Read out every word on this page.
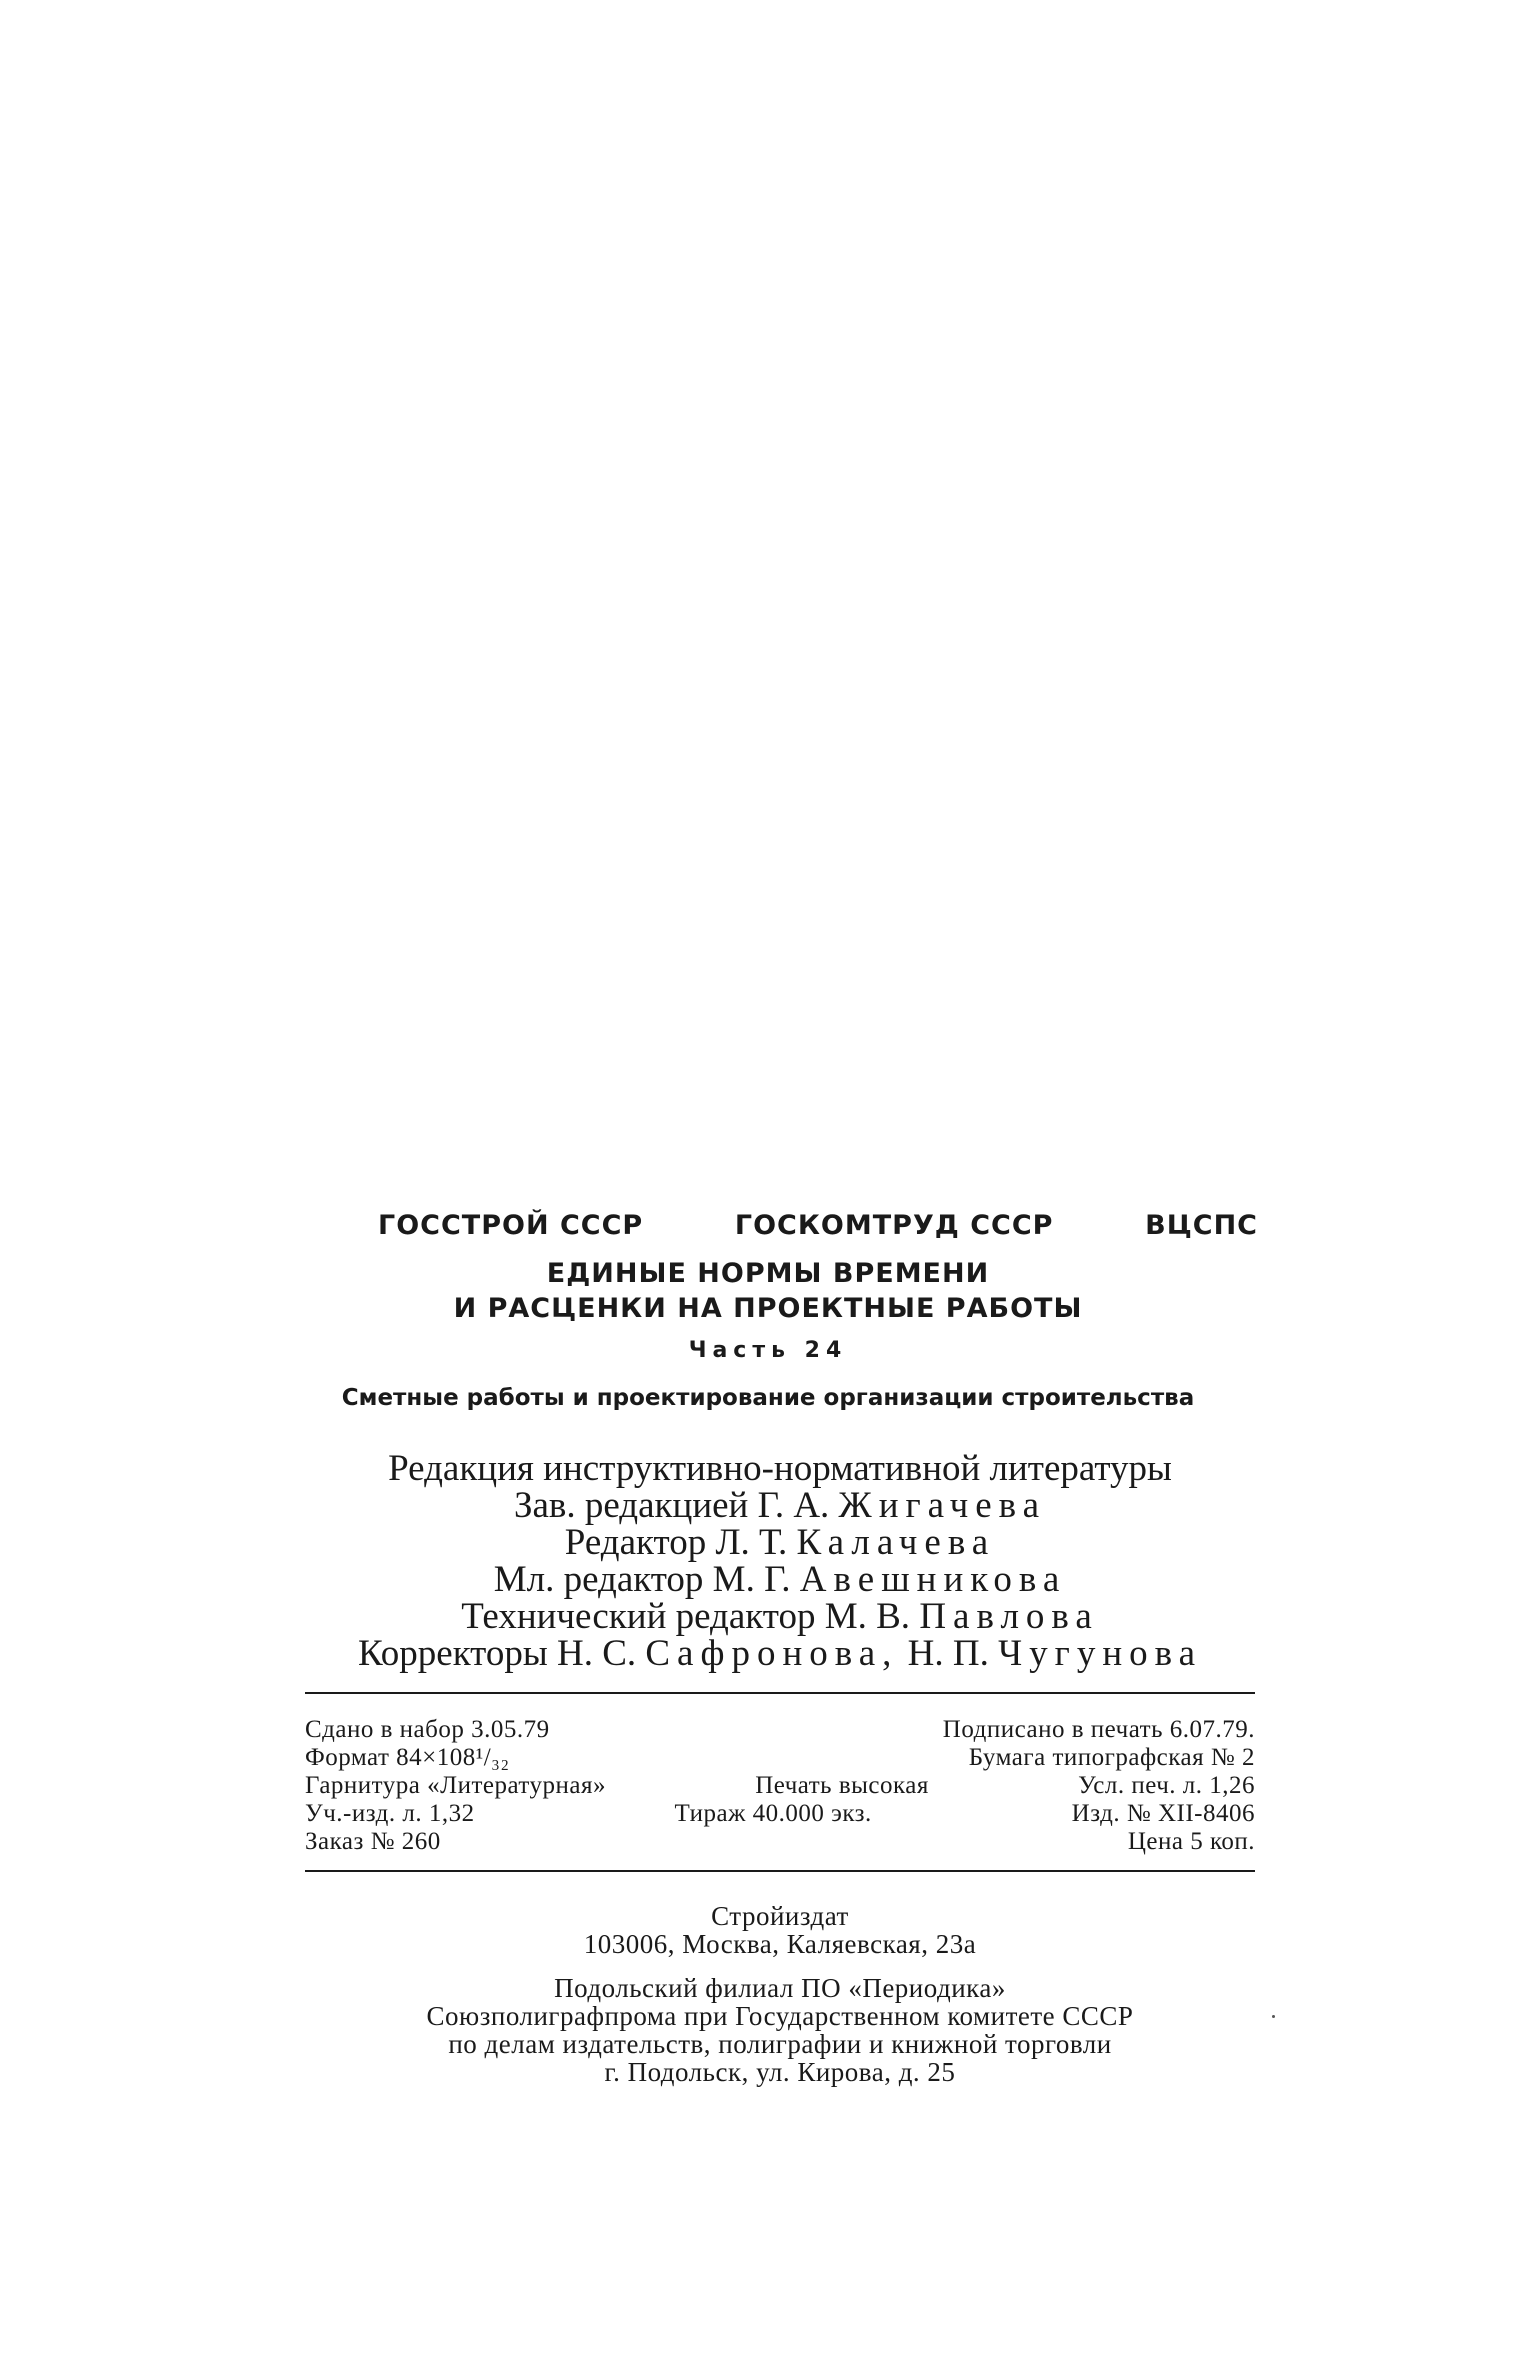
ГОССТРОЙ СССР	ГОСКОМТРУД СССР	ВЦСПС
ЕДИНЫЕ НОРМЫ ВРЕМЕНИ
И РАСЦЕНКИ НА ПРОЕКТНЫЕ РАБОТЫ
Часть 24
Сметные работы и проектирование организации строительства
Редакция инструктивно-нормативной литературы
Зав. редакцией Г. А. Жигачева
Редактор Л. Т. Калачева
Мл. редактор М. Г. Авешникова
Технический редактор М. В. Павлова
Корректоры Н. С. Сафронова, Н. П. Чугунова
Сдано в набор 3.05.79	Подписано в печать 6.07.79.
Формат 84×108¹/₃₂	Бумага типографская № 2
Гарнитура «Литературная»	Печать высокая	Усл. печ. л. 1,26
Уч.-изд. л. 1,32	Тираж 40.000 экз.	Изд. № XII-8406
Заказ № 260	Цена 5 коп.
Стройиздат
103006, Москва, Каляевская, 23а
Подольский филиал ПО «Периодика»
Союзполиграфпрома при Государственном комитете СССР
по делам издательств, полиграфии и книжной торговли
г. Подольск, ул. Кирова, д. 25
